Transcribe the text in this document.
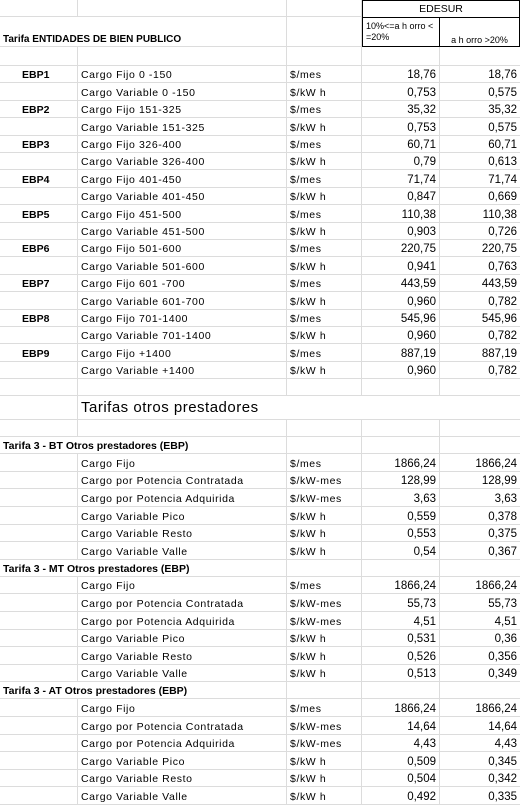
EDESUR
Tarifa ENTIDADES DE BIEN PUBLICO
10%<=a h orro <
=20%	a h orro >20%
EBP1	Cargo Fijo 0 -150	$/mes	18,76	18,76
Cargo Variable 0 -150	$/kW h	0,753	0,575
EBP2	Cargo Fijo 151-325	$/mes	35,32	35,32
Cargo Variable 151-325	$/kW h	0,753	0,575
EBP3	Cargo Fijo 326-400	$/mes	60,71	60,71
Cargo Variable 326-400	$/kW h	0,79	0,613
EBP4	Cargo Fijo 401-450	$/mes	71,74	71,74
Cargo Variable 401-450	$/kW h	0,847	0,669
EBP5	Cargo Fijo 451-500	$/mes	110,38	110,38
Cargo Variable 451-500	$/kW h	0,903	0,726
EBP6	Cargo Fijo 501-600	$/mes	220,75	220,75
Cargo Variable 501-600	$/kW h	0,941	0,763
EBP7	Cargo Fijo 601 -700	$/mes	443,59	443,59
Cargo Variable 601-700	$/kW h	0,960	0,782
EBP8	Cargo Fijo 701-1400	$/mes	545,96	545,96
Cargo Variable 701-1400	$/kW h	0,960	0,782
EBP9	Cargo Fijo +1400	$/mes	887,19	887,19
Cargo Variable +1400	$/kW h	0,960	0,782
Tarifas otros prestadores
Tarifa 3 - BT Otros prestadores (EBP)
Cargo Fijo	$/mes	1866,24	1866,24
Cargo por Potencia Contratada	$/kW-mes	128,99	128,99
Cargo por Potencia Adquirida	$/kW-mes	3,63	3,63
Cargo Variable Pico	$/kW h	0,559	0,378
Cargo Variable Resto	$/kW h	0,553	0,375
Cargo Variable Valle	$/kW h	0,54	0,367
Tarifa 3 - MT Otros prestadores (EBP)
Cargo Fijo	$/mes	1866,24	1866,24
Cargo por Potencia Contratada	$/kW-mes	55,73	55,73
Cargo por Potencia Adquirida	$/kW-mes	4,51	4,51
Cargo Variable Pico	$/kW h	0,531	0,36
Cargo Variable Resto	$/kW h	0,526	0,356
Cargo Variable Valle	$/kW h	0,513	0,349
Tarifa 3 - AT Otros prestadores (EBP)
Cargo Fijo	$/mes	1866,24	1866,24
Cargo por Potencia Contratada	$/kW-mes	14,64	14,64
Cargo por Potencia Adquirida	$/kW-mes	4,43	4,43
Cargo Variable Pico	$/kW h	0,509	0,345
Cargo Variable Resto	$/kW h	0,504	0,342
Cargo Variable Valle	$/kW h	0,492	0,335
